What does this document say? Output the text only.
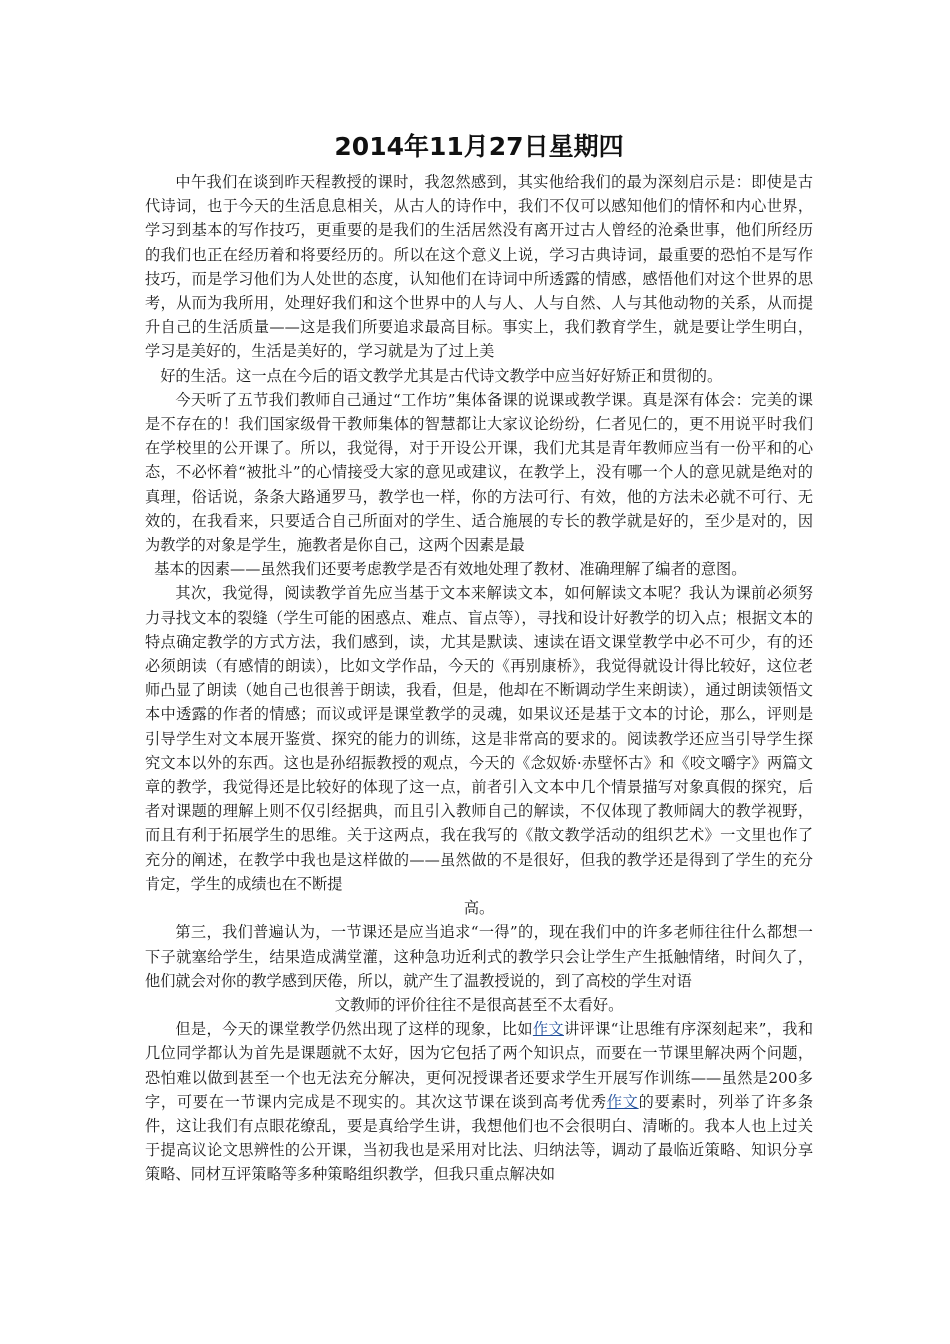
2014年11月27日星期四

中午我们在谈到昨天程教授的课时，我忽然感到，其实他给我们的最为深刻启示是：即使是古代诗词，也于今天的生活息息相关，从古人的诗作中，我们不仅可以感知他们的情怀和内心世界，学习到基本的写作技巧，更重要的是我们的生活居然没有离开过古人曾经的沧桑世事，他们所经历的我们也正在经历着和将要经历的。所以在这个意义上说，学习古典诗词，最重要的恐怕不是写作技巧，而是学习他们为人处世的态度，认知他们在诗词中所透露的情感，感悟他们对这个世界的思考，从而为我所用，处理好我们和这个世界中的人与人、人与自然、人与其他动物的关系，从而提升自己的生活质量——这是我们所要追求最高目标。事实上，我们教育学生，就是要让学生明白，学习是美好的，生活是美好的，学习就是为了过上美
好的生活。这一点在今后的语文教学尤其是古代诗文教学中应当好好矫正和贯彻的。

今天听了五节我们教师自己通过“工作坊”集体备课的说课或教学课。真是深有体会：完美的课是不存在的！我们国家级骨干教师集体的智慧都让大家议论纷纷，仁者见仁的，更不用说平时我们在学校里的公开课了。所以，我觉得，对于开设公开课，我们尤其是青年教师应当有一份平和的心态，不必怀着“被批斗”的心情接受大家的意见或建议，在教学上，没有哪一个人的意见就是绝对的真理，俗话说，条条大路通罗马，教学也一样，你的方法可行、有效，他的方法未必就不可行、无效的，在我看来，只要适合自己所面对的学生、适合施展的专长的教学就是好的，至少是对的，因为教学的对象是学生，施教者是你自己，这两个因素是最
基本的因素——虽然我们还要考虑教学是否有效地处理了教材、准确理解了编者的意图。

其次，我觉得，阅读教学首先应当基于文本来解读文本，如何解读文本呢？我认为课前必须努力寻找文本的裂缝（学生可能的困惑点、难点、盲点等），寻找和设计好教学的切入点；根据文本的特点确定教学的方式方法，我们感到，读，尤其是默读、速读在语文课堂教学中必不可少，有的还必须朗读（有感情的朗读），比如文学作品，今天的《再别康桥》，我觉得就设计得比较好，这位老师凸显了朗读（她自己也很善于朗读，我看，但是，他却在不断调动学生来朗读），通过朗读领悟文本中透露的作者的情感；而议或评是课堂教学的灵魂，如果议还是基于文本的讨论，那么，评则是引导学生对文本展开鉴赏、探究的能力的训练，这是非常高的要求的。阅读教学还应当引导学生探究文本以外的东西。这也是孙绍振教授的观点，今天的《念奴娇·赤壁怀古》和《咬文嚼字》两篇文章的教学，我觉得还是比较好的体现了这一点，前者引入文本中几个情景描写对象真假的探究，后者对课题的理解上则不仅引经据典，而且引入教师自己的解读，不仅体现了教师阔大的教学视野，而且有利于拓展学生的思维。关于这两点，我在我写的《散文教学活动的组织艺术》一文里也作了充分的阐述，在教学中我也是这样做的——虽然做的不是很好，但我的教学还是得到了学生的充分肯定，学生的成绩也在不断提
高。

第三，我们普遍认为，一节课还是应当追求“一得”的，现在我们中的许多老师往往什么都想一下子就塞给学生，结果造成满堂灌，这种急功近利式的教学只会让学生产生抵触情绪，时间久了，他们就会对你的教学感到厌倦，所以，就产生了温教授说的，到了高校的学生对语
文教师的评价往往不是很高甚至不太看好。

但是，今天的课堂教学仍然出现了这样的现象，比如作文讲评课“让思维有序深刻起来”，我和几位同学都认为首先是课题就不太好，因为它包括了两个知识点，而要在一节课里解决两个问题，恐怕难以做到甚至一个也无法充分解决，更何况授课者还要求学生开展写作训练——虽然是200多字，可要在一节课内完成是不现实的。其次这节课在谈到高考优秀作文的要素时，列举了许多条件，这让我们有点眼花缭乱，要是真给学生讲，我想他们也不会很明白、清晰的。我本人也上过关于提高议论文思辨性的公开课，当初我也是采用对比法、归纳法等，调动了最临近策略、知识分享策略、同材互评策略等多种策略组织教学，但我只重点解决如
